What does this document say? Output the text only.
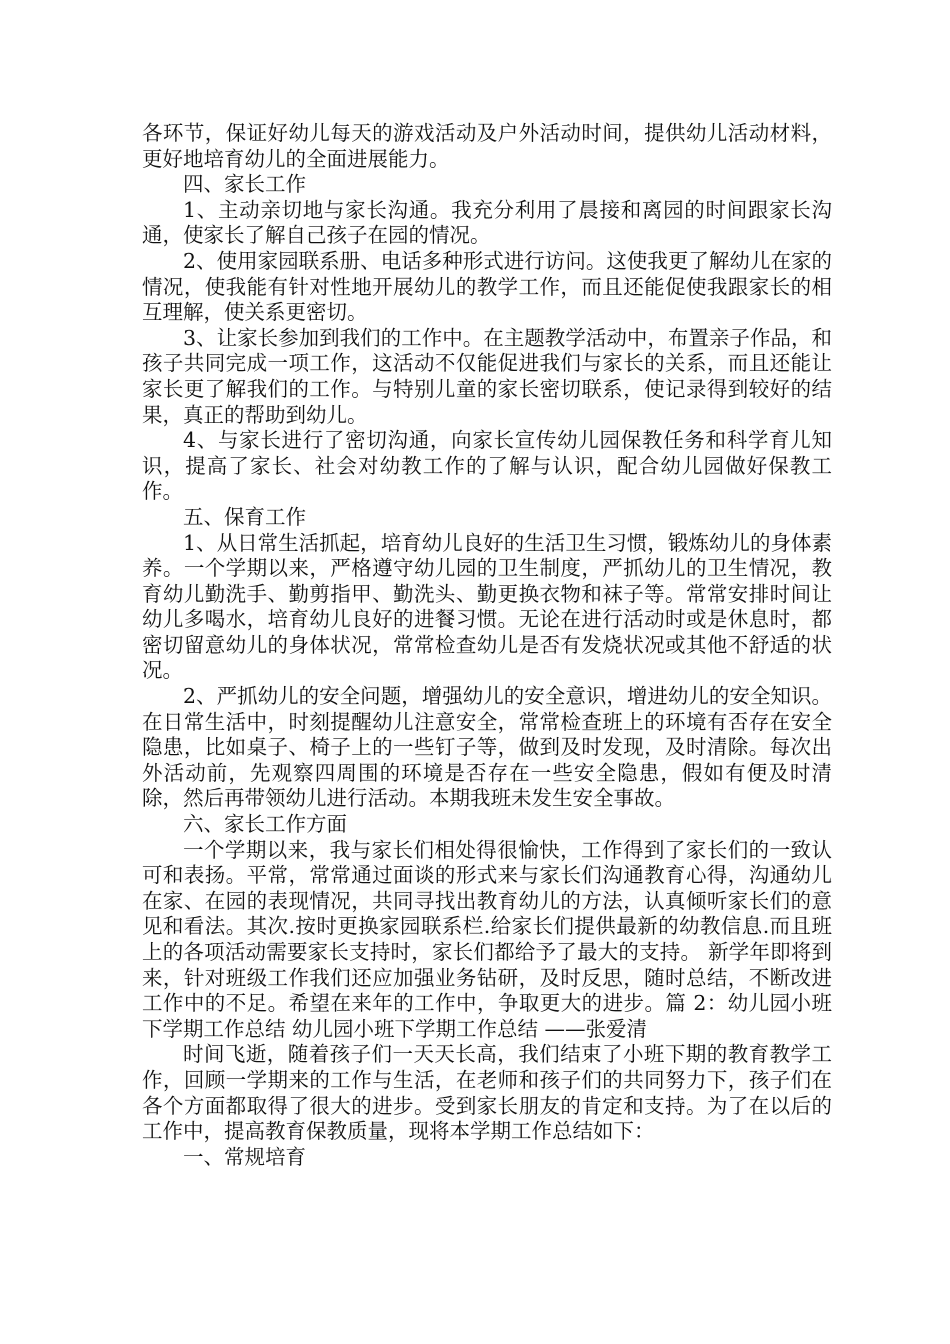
各环节，保证好幼儿每天的游戏活动及户外活动时间，提供幼儿活动材料，更好地培育幼儿的全面进展能力。

四、家长工作

1、主动亲切地与家长沟通。我充分利用了晨接和离园的时间跟家长沟通，使家长了解自己孩子在园的情况。

2、使用家园联系册、电话多种形式进行访问。这使我更了解幼儿在家的情况，使我能有针对性地开展幼儿的教学工作，而且还能促使我跟家长的相互理解，使关系更密切。

3、让家长参加到我们的工作中。在主题教学活动中，布置亲子作品，和孩子共同完成一项工作，这活动不仅能促进我们与家长的关系，而且还能让家长更了解我们的工作。与特别儿童的家长密切联系，使记录得到较好的结果，真正的帮助到幼儿。

4、与家长进行了密切沟通，向家长宣传幼儿园保教任务和科学育儿知识，提高了家长、社会对幼教工作的了解与认识，配合幼儿园做好保教工作。

五、保育工作

1、从日常生活抓起，培育幼儿良好的生活卫生习惯，锻炼幼儿的身体素养。一个学期以来，严格遵守幼儿园的卫生制度，严抓幼儿的卫生情况，教育幼儿勤洗手、勤剪指甲、勤洗头、勤更换衣物和袜子等。常常安排时间让幼儿多喝水，培育幼儿良好的进餐习惯。无论在进行活动时或是休息时，都密切留意幼儿的身体状况，常常检查幼儿是否有发烧状况或其他不舒适的状况。

2、严抓幼儿的安全问题，增强幼儿的安全意识，增进幼儿的安全知识。在日常生活中，时刻提醒幼儿注意安全，常常检查班上的环境有否存在安全隐患，比如桌子、椅子上的一些钉子等，做到及时发现，及时清除。每次出外活动前，先观察四周围的环境是否存在一些安全隐患，假如有便及时清除，然后再带领幼儿进行活动。本期我班未发生安全事故。

六、家长工作方面

一个学期以来，我与家长们相处得很愉快，工作得到了家长们的一致认可和表扬。平常，常常通过面谈的形式来与家长们沟通教育心得，沟通幼儿在家、在园的表现情况，共同寻找出教育幼儿的方法，认真倾听家长们的意见和看法。其次.按时更换家园联系栏.给家长们提供最新的幼教信息.而且班上的各项活动需要家长支持时，家长们都给予了最大的支持。 新学年即将到来，针对班级工作我们还应加强业务钻研，及时反思，随时总结，不断改进工作中的不足。希望在来年的工作中，争取更大的进步。篇 2：幼儿园小班下学期工作总结 幼儿园小班下学期工作总结 ——张爱清

时间飞逝，随着孩子们一天天长高，我们结束了小班下期的教育教学工作，回顾一学期来的工作与生活，在老师和孩子们的共同努力下，孩子们在各个方面都取得了很大的进步。受到家长朋友的肯定和支持。为了在以后的工作中，提高教育保教质量，现将本学期工作总结如下：

一、常规培育
